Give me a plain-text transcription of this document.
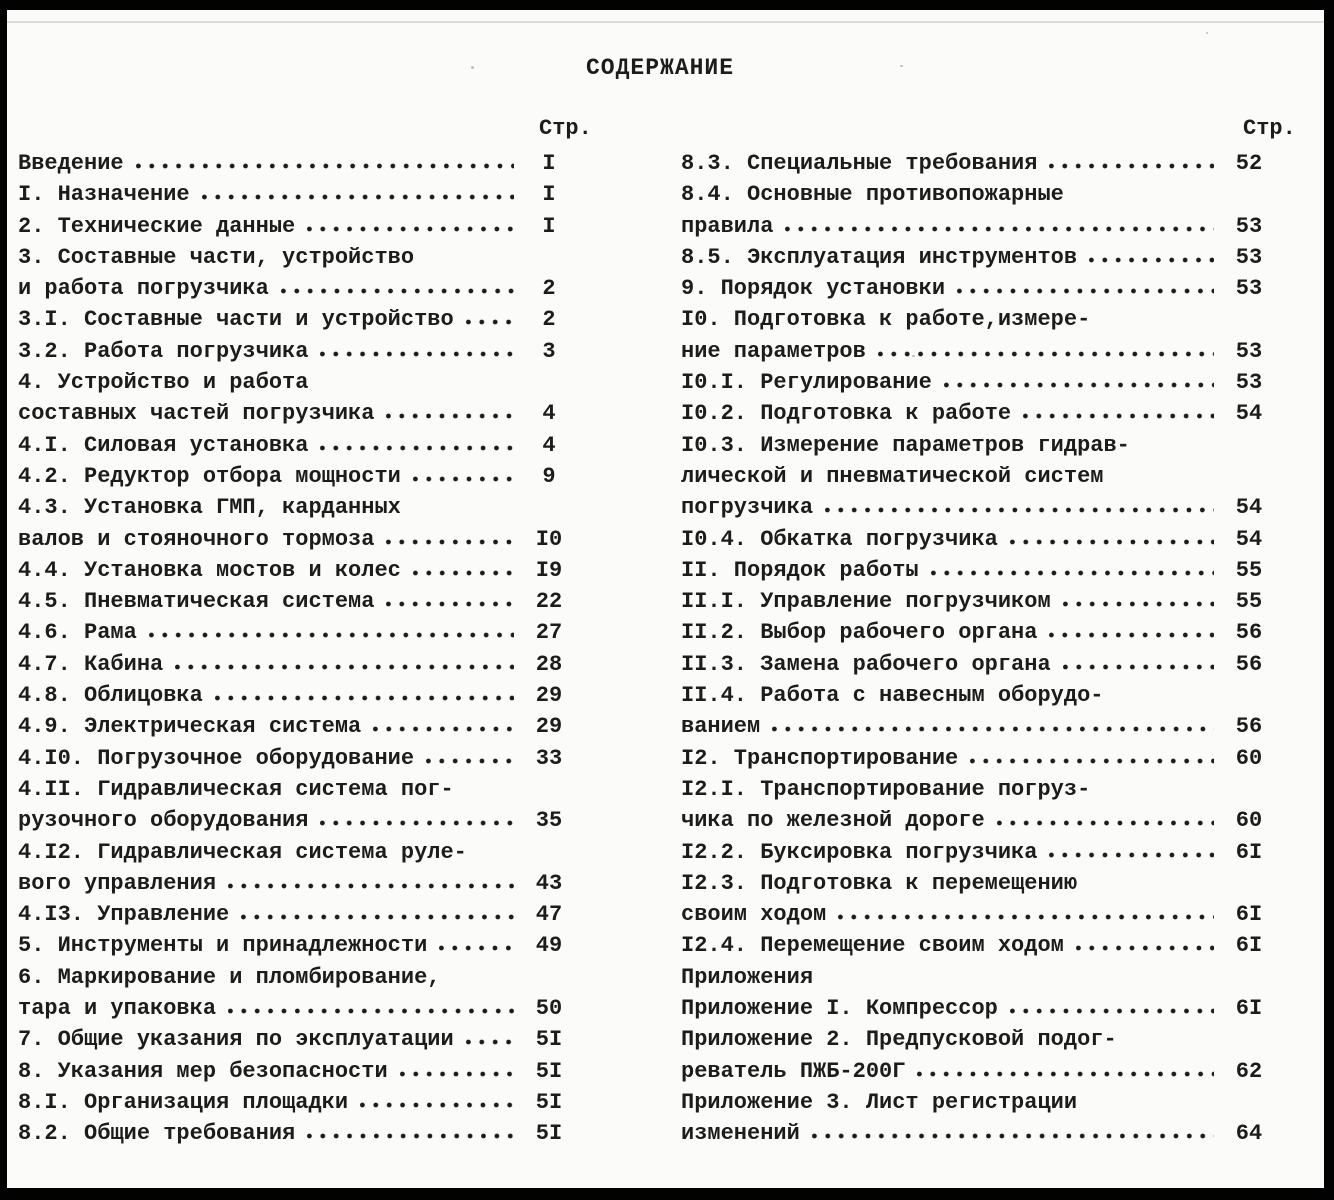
СОДЕРЖАНИЕ
Стр.	Стр.
Введение	I
I. Назначение	I
2. Технические данные	I
3. Составные части, устройство
и работа погрузчика	2
3.I. Составные части и устройство	2
3.2. Работа погрузчика	3
4. Устройство и работа
составных частей погрузчика	4
4.I. Силовая установка	4
4.2. Редуктор отбора мощности	9
4.3. Установка ГМП, карданных
валов и стояночного тормоза	I0
4.4. Установка мостов и колес	I9
4.5. Пневматическая система	22
4.6. Рама	27
4.7. Кабина	28
4.8. Облицовка	29
4.9. Электрическая система	29
4.I0. Погрузочное оборудование	33
4.II. Гидравлическая система пог-
рузочного оборудования	35
4.I2. Гидравлическая система руле-
вого управления	43
4.I3. Управление	47
5. Инструменты и принадлежности	49
6. Маркирование и пломбирование,
тара и упаковка	50
7. Общие указания по эксплуатации	5I
8. Указания мер безопасности	5I
8.I. Организация площадки	5I
8.2. Общие требования	5I
8.3. Специальные требования	52
8.4. Основные противопожарные
правила	53
8.5. Эксплуатация инструментов	53
9. Порядок установки	53
I0. Подготовка к работе,измере-
ние параметров	53
I0.I. Регулирование	53
I0.2. Подготовка к работе	54
I0.3. Измерение параметров гидрав-
лической и пневматической систем
погрузчика	54
I0.4. Обкатка погрузчика	54
II. Порядок работы	55
II.I. Управление погрузчиком	55
II.2. Выбор рабочего органа	56
II.3. Замена рабочего органа	56
II.4. Работа с навесным оборудо-
ванием	56
I2. Транспортирование	60
I2.I. Транспортирование погруз-
чика по железной дороге	60
I2.2. Буксировка погрузчика	6I
I2.3. Подготовка к перемещению
своим ходом	6I
I2.4. Перемещение своим ходом	6I
Приложения
Приложение I. Компрессор	6I
Приложение 2. Предпусковой подог-
реватель ПЖБ-200Г	62
Приложение 3. Лист регистрации
изменений	64
